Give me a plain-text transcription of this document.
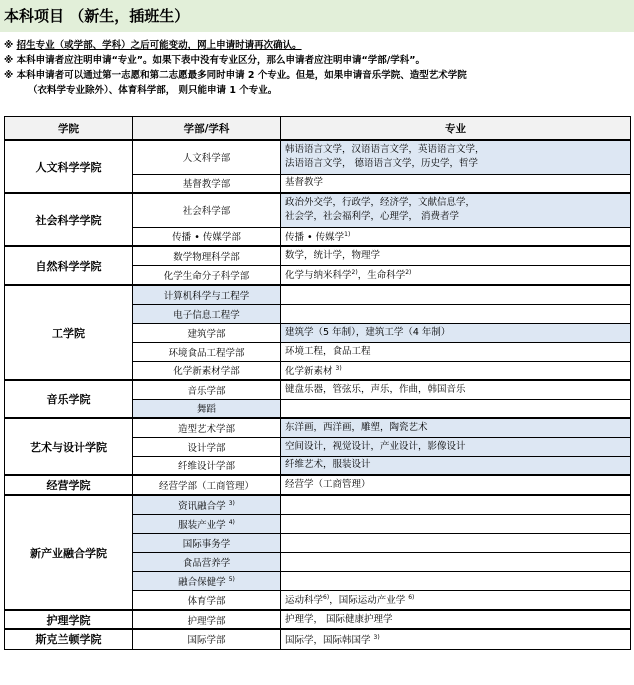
本科项目 （新生，插班生）
※ 招生专业（或学部、学科）之后可能变动，网上申请时请再次确认。
※ 本科申请者应注明申请“专业”。如果下表中没有专业区分，那么申请者应注明申请“学部/学科”。
※ 本科申请者可以通过第一志愿和第二志愿最多同时申请 2 个专业。但是，如果申请音乐学院、造型艺术学院
（衣料学专业除外）、体育科学部， 则只能申请 1 个专业。
学院	学部/学科	专业
人文科学学院	人文科学部	韩语语言文学，汉语语言文学，英语语言文学，
法语语言文学， 德语语言文学，历史学，哲学

	基督教学部	基督教学
社会科学学院	社会科学部	政治外交学，行政学，经济学，文献信息学，
社会学，社会福利学，心理学， 消费者学

	传播 • 传媒学部	传播 • 传媒学$^{1)}$
自然科学学院	数学物理科学部	数学，统计学，物理学
	化学生命分子科学部	化学与纳米科学$^{2)}$，生命科学$^{2)}$
工学院	计算机科学与工程学	
	电子信息工程学	
	建筑学部	建筑学（5 年制），建筑工学（4 年制）
	环境食品工程学部	环境工程，食品工程
	化学新素材学部	化学新素材 $^{3)}$
音乐学院	音乐学部	键盘乐器，管弦乐，声乐，作曲，韩国音乐
	舞蹈	
艺术与设计学院	造型艺术学部	东洋画，西洋画，雕塑，陶瓷艺术
	设计学部	空间设计，视觉设计，产业设计，影像设计
	纤维设计学部	纤维艺术，服装设计
经营学院	经营学部（工商管理）	经营学（工商管理）
新产业融合学院	资讯融合学 $^{3)}$	
	服装产业学 $^{4)}$	
	国际事务学	
	食品营养学	
	融合保健学 $^{5)}$	
	体育学部	运动科学$^{6)}$，国际运动产业学 $^{6)}$
护理学院	护理学部	护理学， 国际健康护理学
斯克兰顿学院	国际学部	国际学，国际韩国学 $^{3)}$
